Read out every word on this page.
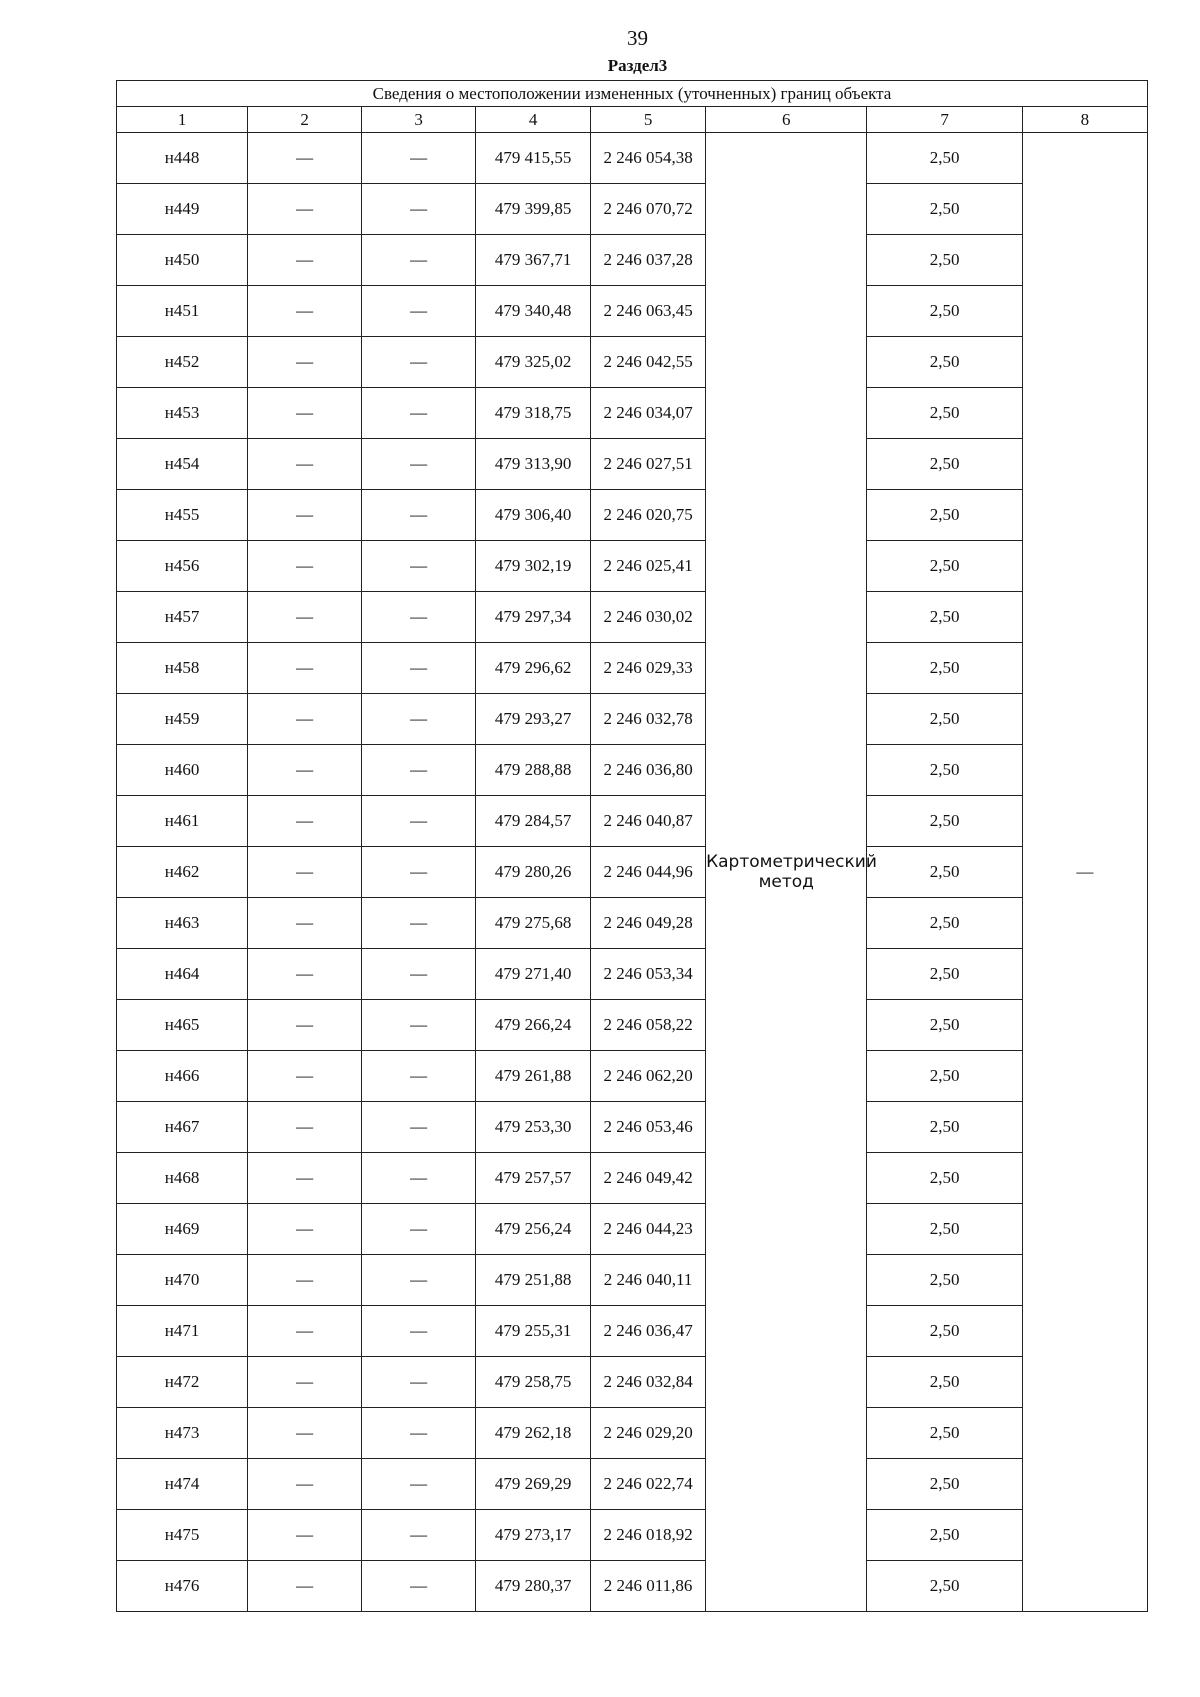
39
Раздел3
Сведения о местоположении измененных (уточненных) границ объекта							
1	2	3	4	5	6	7	8
н448	—	—	479 415,55	2 246 054,38	Картометрический метод	2,50	—
н449	—	—	479 399,85	2 246 070,72		2,50	
н450	—	—	479 367,71	2 246 037,28		2,50	
н451	—	—	479 340,48	2 246 063,45		2,50	
н452	—	—	479 325,02	2 246 042,55		2,50	
н453	—	—	479 318,75	2 246 034,07		2,50	
н454	—	—	479 313,90	2 246 027,51		2,50	
н455	—	—	479 306,40	2 246 020,75		2,50	
н456	—	—	479 302,19	2 246 025,41		2,50	
н457	—	—	479 297,34	2 246 030,02		2,50	
н458	—	—	479 296,62	2 246 029,33		2,50	
н459	—	—	479 293,27	2 246 032,78		2,50	
н460	—	—	479 288,88	2 246 036,80		2,50	
н461	—	—	479 284,57	2 246 040,87		2,50	
н462	—	—	479 280,26	2 246 044,96		2,50	
н463	—	—	479 275,68	2 246 049,28		2,50	
н464	—	—	479 271,40	2 246 053,34		2,50	
н465	—	—	479 266,24	2 246 058,22		2,50	
н466	—	—	479 261,88	2 246 062,20		2,50	
н467	—	—	479 253,30	2 246 053,46		2,50	
н468	—	—	479 257,57	2 246 049,42		2,50	
н469	—	—	479 256,24	2 246 044,23		2,50	
н470	—	—	479 251,88	2 246 040,11		2,50	
н471	—	—	479 255,31	2 246 036,47		2,50	
н472	—	—	479 258,75	2 246 032,84		2,50	
н473	—	—	479 262,18	2 246 029,20		2,50	
н474	—	—	479 269,29	2 246 022,74		2,50	
н475	—	—	479 273,17	2 246 018,92		2,50	
н476	—	—	479 280,37	2 246 011,86		2,50	
